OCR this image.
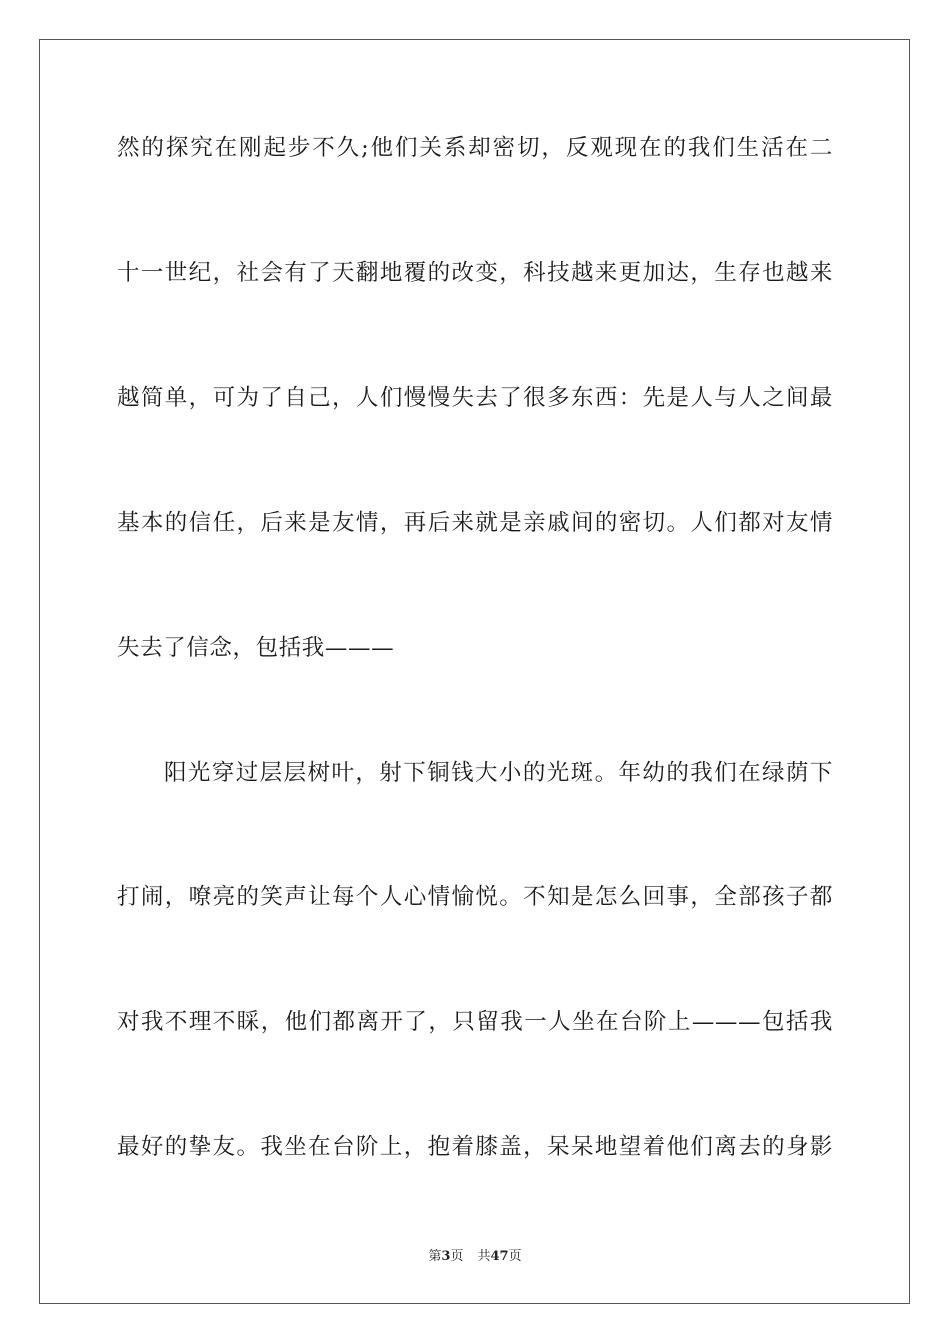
然的探究在刚起步不久;他们关系却密切，反观现在的我们生活在二
十一世纪，社会有了天翻地覆的改变，科技越来更加达，生存也越来
越简单，可为了自己，人们慢慢失去了很多东西：先是人与人之间最
基本的信任，后来是友情，再后来就是亲戚间的密切。人们都对友情
失去了信念，包括我———
阳光穿过层层树叶，射下铜钱大小的光斑。年幼的我们在绿荫下
打闹，嘹亮的笑声让每个人心情愉悦。不知是怎么回事，全部孩子都
对我不理不睬，他们都离开了，只留我一人坐在台阶上———包括我
最好的挚友。我坐在台阶上，抱着膝盖，呆呆地望着他们离去的身影
第3页 共47页
